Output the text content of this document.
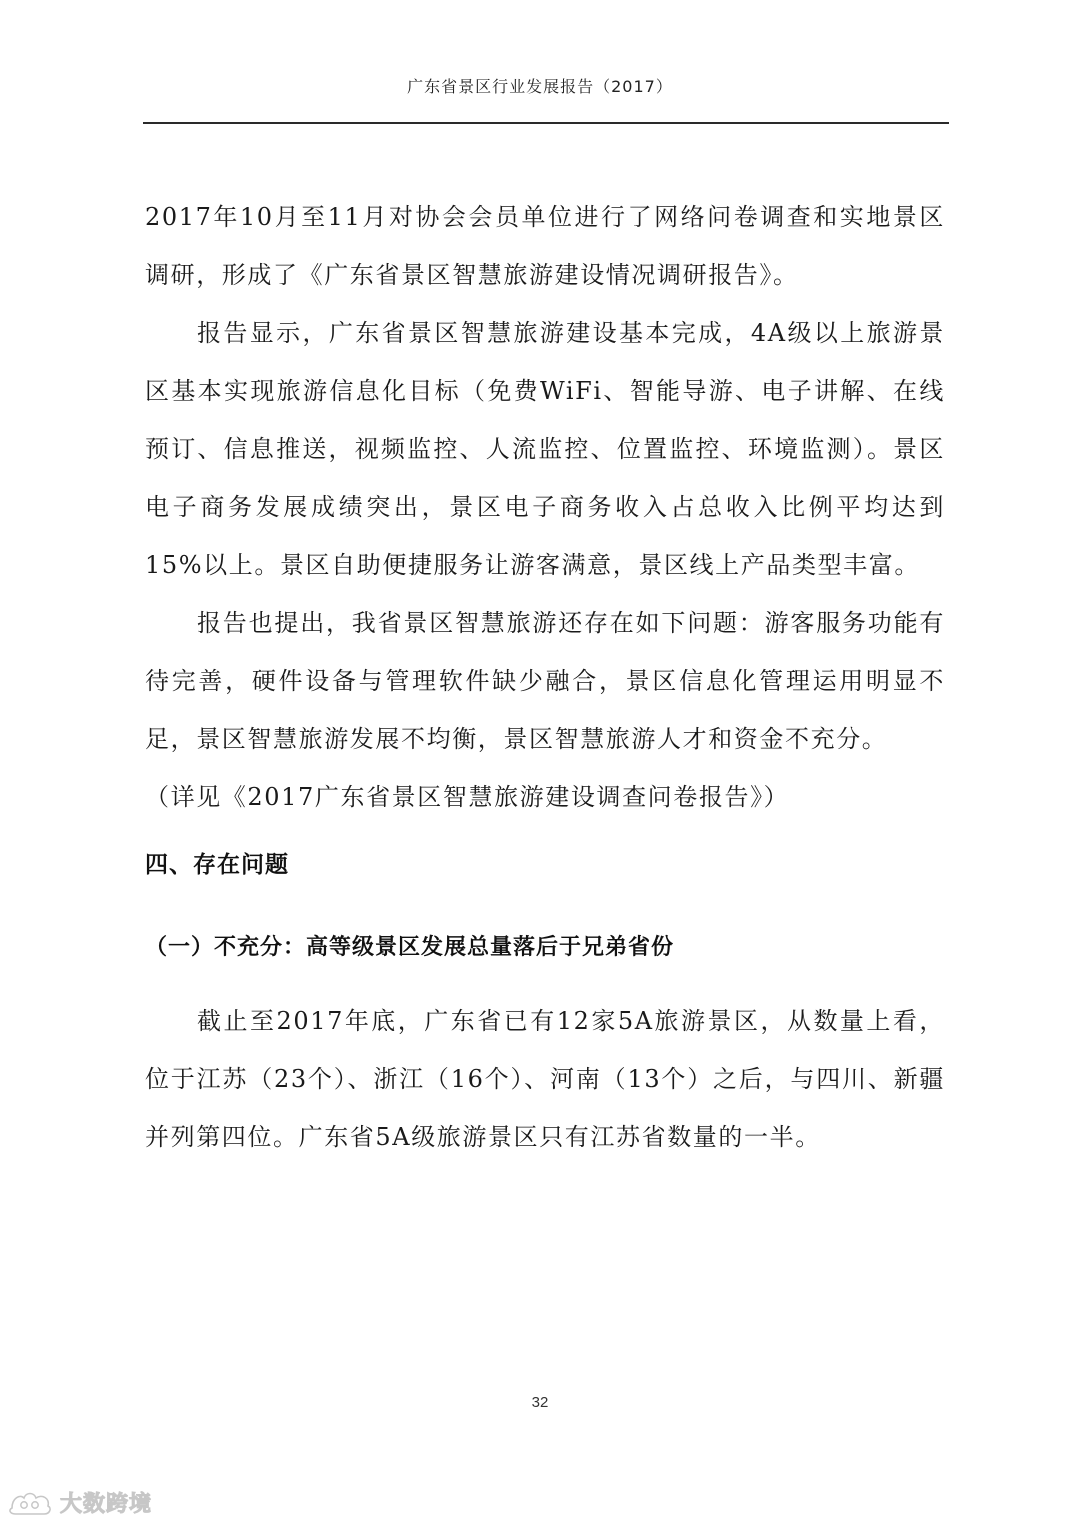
广东省景区行业发展报告（2017）

2017年10月至11月对协会会员单位进行了网络问卷调查和实地景区调研，形成了《广东省景区智慧旅游建设情况调研报告》。

报告显示，广东省景区智慧旅游建设基本完成，4A级以上旅游景区基本实现旅游信息化目标（免费WiFi、智能导游、电子讲解、在线预订、信息推送，视频监控、人流监控、位置监控、环境监测）。景区电子商务发展成绩突出，景区电子商务收入占总收入比例平均达到15%以上。景区自助便捷服务让游客满意，景区线上产品类型丰富。

报告也提出，我省景区智慧旅游还存在如下问题：游客服务功能有待完善，硬件设备与管理软件缺少融合，景区信息化管理运用明显不足，景区智慧旅游发展不均衡，景区智慧旅游人才和资金不充分。

（详见《2017广东省景区智慧旅游建设调查问卷报告》）

四、存在问题
（一）不充分：高等级景区发展总量落后于兄弟省份

截止至2017年底，广东省已有12家5A旅游景区，从数量上看，位于江苏（23个）、浙江（16个）、河南（13个）之后，与四川、新疆并列第四位。广东省5A级旅游景区只有江苏省数量的一半。

32
大数跨境
